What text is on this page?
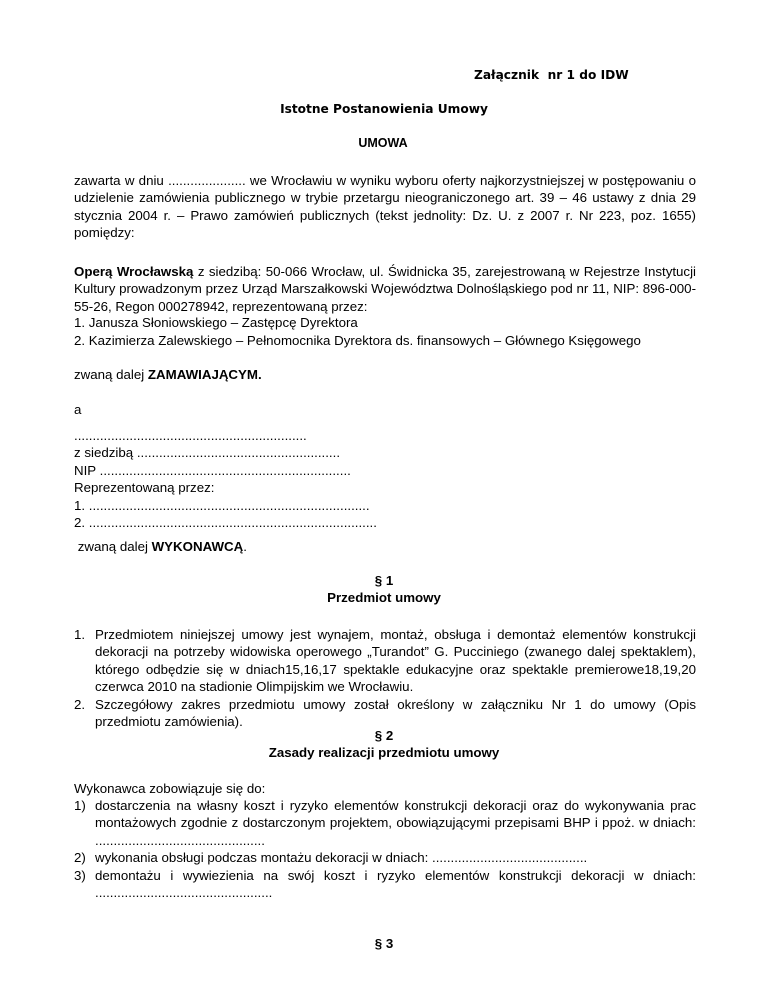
Załącznik  nr 1 do IDW
Istotne Postanowienia Umowy
UMOWA
zawarta w dniu ..................... we Wrocławiu w wyniku wyboru oferty najkorzystniejszej w postępowaniu o udzielenie zamówienia publicznego w trybie przetargu nieograniczonego art. 39 – 46 ustawy z dnia 29 stycznia 2004 r. – Prawo zamówień publicznych (tekst jednolity: Dz. U. z 2007 r. Nr 223, poz. 1655) pomiędzy:
Operą Wrocławską z siedzibą: 50-066 Wrocław, ul. Świdnicka 35, zarejestrowaną w Rejestrze Instytucji Kultury prowadzonym przez Urząd Marszałkowski Województwa Dolnośląskiego pod nr 11, NIP: 896-000-55-26, Regon 000278942, reprezentowaną przez:
1. Janusza Słoniowskiego – Zastępcę Dyrektora
2. Kazimierza Zalewskiego – Pełnomocnika Dyrektora ds. finansowych – Głównego Księgowego
zwaną dalej ZAMAWIAJĄCYM.
a
...............................................................
z siedzibą .......................................................
NIP ....................................................................
Reprezentowaną przez:
1. ............................................................................
2. ..............................................................................
zwaną dalej WYKONAWCĄ.
§ 1
Przedmiot umowy
1. Przedmiotem niniejszej umowy jest wynajem, montaż, obsługa i demontaż elementów konstrukcji dekoracji na potrzeby widowiska operowego „Turandot” G. Pucciniego (zwanego dalej spektaklem), którego odbędzie się w dniach15,16,17 spektakle edukacyjne oraz spektakle premierowe18,19,20 czerwca 2010 na stadionie Olimpijskim we Wrocławiu.
2. Szczegółowy zakres przedmiotu umowy został określony w załączniku Nr 1 do umowy (Opis przedmiotu zamówienia).
§ 2
Zasady realizacji przedmiotu umowy
Wykonawca zobowiązuje się do:
1) dostarczenia na własny koszt i ryzyko elementów konstrukcji dekoracji oraz do wykonywania prac montażowych zgodnie z dostarczonym projektem, obowiązującymi przepisami BHP i ppoż. w dniach: ..............................................
2) wykonania obsługi podczas montażu dekoracji w dniach: ..........................................
3) demontażu i wywiezienia na swój koszt i ryzyko elementów konstrukcji dekoracji w dniach: ................................................
§ 3
